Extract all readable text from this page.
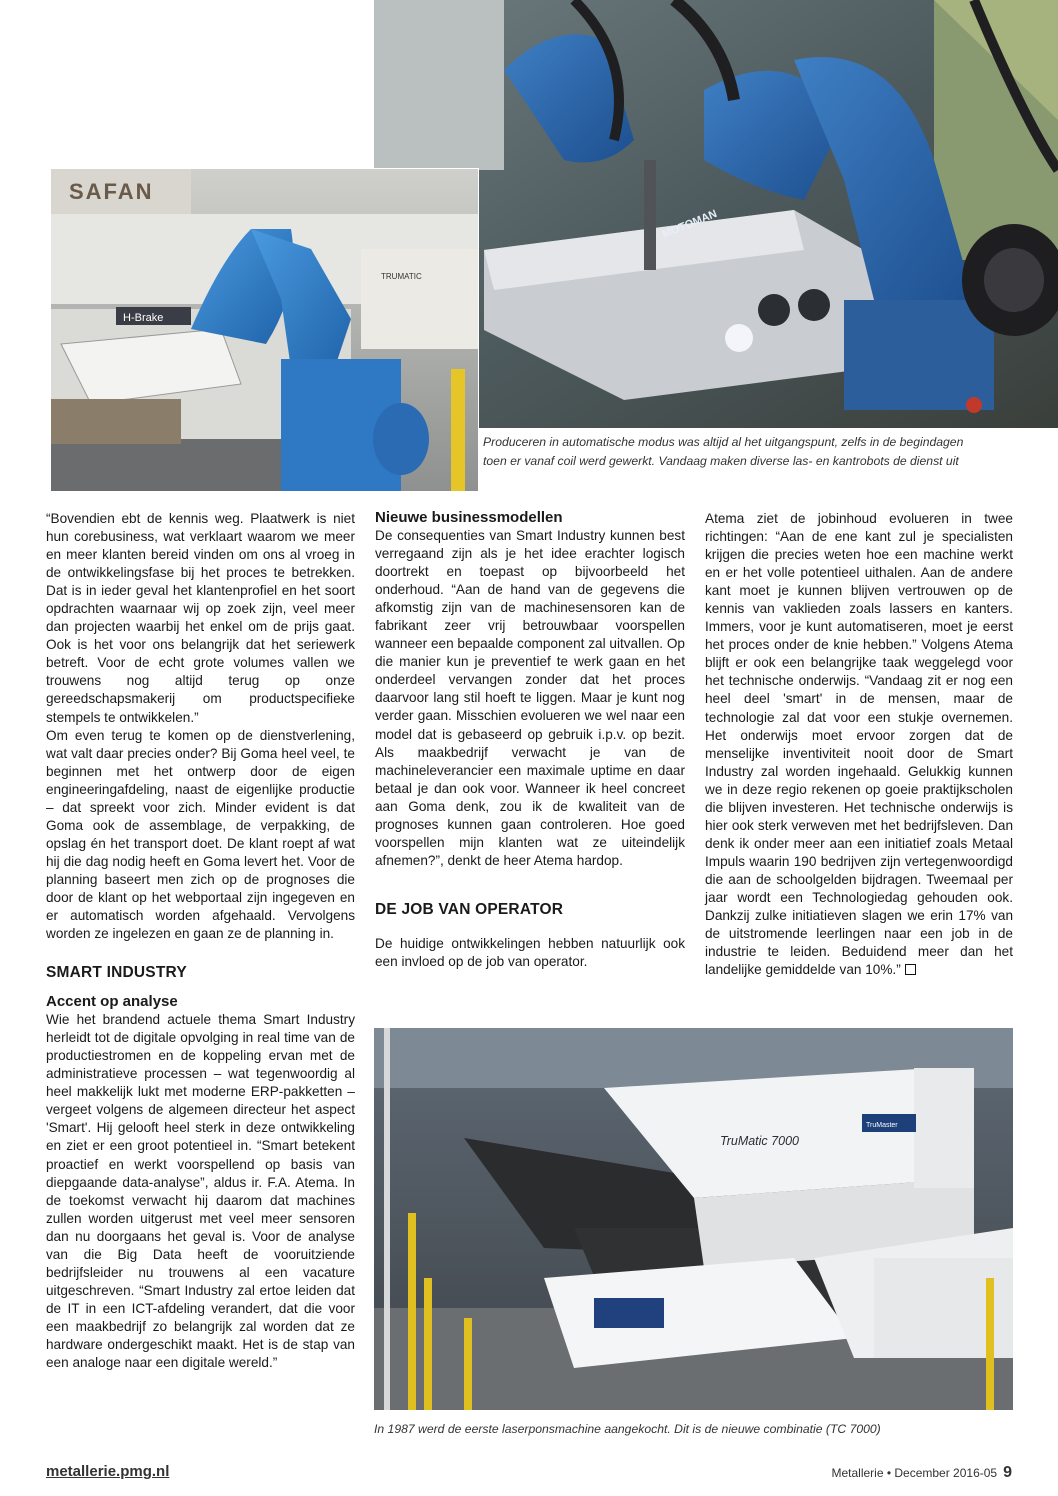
MOTOMAN
SAFAN
H-Brake
TRUMATIC
Produceren in automatische modus was altijd al het uitgangspunt, zelfs in de begindagen
toen er vanaf coil werd gewerkt. Vandaag maken diverse las- en kantrobots de dienst uit

“Bovendien ebt de kennis weg. Plaatwerk is niet hun corebusiness, wat verklaart waarom we meer en meer klanten bereid vinden om ons al vroeg in de ontwikkelingsfase bij het proces te betrekken. Dat is in ieder geval het klantenprofiel en het soort opdrachten waarnaar wij op zoek zijn, veel meer dan projecten waarbij het enkel om de prijs gaat. Ook is het voor ons belangrijk dat het seriewerk betreft. Voor de echt grote volumes vallen we trouwens nog altijd terug op onze gereedschapsmakerij om productspecifieke stempels te ontwikkelen.”

Om even terug te komen op de dienstverlening, wat valt daar precies onder? Bij Goma heel veel, te beginnen met het ontwerp door de eigen engineeringafdeling, naast de eigenlijke productie – dat spreekt voor zich. Minder evident is dat Goma ook de assemblage, de verpakking, de opslag én het transport doet. De klant roept af wat hij die dag nodig heeft en Goma levert het. Voor de planning baseert men zich op de prognoses die door de klant op het webportaal zijn ingegeven en er automatisch worden afgehaald. Vervolgens worden ze ingelezen en gaan ze de planning in.

SMART INDUSTRY

Accent op analyse

Wie het brandend actuele thema Smart Industry herleidt tot de digitale opvolging in real time van de productiestromen en de koppeling ervan met de administratieve processen – wat tegenwoordig al heel makkelijk lukt met moderne ERP-pakketten – vergeet volgens de algemeen directeur het aspect 'Smart'. Hij gelooft heel sterk in deze ontwikkeling en ziet er een groot potentieel in. “Smart betekent proactief en werkt voorspellend op basis van diepgaande data-analyse”, aldus ir. F.A. Atema. In de toekomst verwacht hij daarom dat machines zullen worden uitgerust met veel meer sensoren dan nu doorgaans het geval is. Voor de analyse van die Big Data heeft de vooruitziende bedrijfsleider nu trouwens al een vacature uitgeschreven. “Smart Industry zal ertoe leiden dat de IT in een ICT-afdeling verandert, dat die voor een maakbedrijf zo belangrijk zal worden dat ze hardware ondergeschikt maakt. Het is de stap van een analoge naar een digitale wereld.”

Nieuwe businessmodellen

De consequenties van Smart Industry kunnen best verregaand zijn als je het idee erachter logisch doortrekt en toepast op bijvoorbeeld het onderhoud. “Aan de hand van de gegevens die afkomstig zijn van de machinesensoren kan de fabrikant zeer vrij betrouwbaar voorspellen wanneer een bepaalde component zal uitvallen. Op die manier kun je preventief te werk gaan en het onderdeel vervangen zonder dat het proces daarvoor lang stil hoeft te liggen. Maar je kunt nog verder gaan. Misschien evolueren we wel naar een model dat is gebaseerd op gebruik i.p.v. op bezit. Als maakbedrijf verwacht je van de machineleverancier een maximale uptime en daar betaal je dan ook voor. Wanneer ik heel concreet aan Goma denk, zou ik de kwaliteit van de prognoses kunnen gaan controleren. Hoe goed voorspellen mijn klanten wat ze uiteindelijk afnemen?”, denkt de heer Atema hardop.

DE JOB VAN OPERATOR

De huidige ontwikkelingen hebben natuurlijk ook een invloed op de job van operator.

Atema ziet de jobinhoud evolueren in twee richtingen: “Aan de ene kant zul je specialisten krijgen die precies weten hoe een machine werkt en er het volle potentieel uithalen. Aan de andere kant moet je kunnen blijven vertrouwen op de kennis van vaklieden zoals lassers en kanters. Immers, voor je kunt automatiseren, moet je eerst het proces onder de knie hebben.” Volgens Atema blijft er ook een belangrijke taak weggelegd voor het technische onderwijs. “Vandaag zit er nog een heel deel 'smart' in de mensen, maar de technologie zal dat voor een stukje overnemen. Het onderwijs moet ervoor zorgen dat de menselijke inventiviteit nooit door de Smart Industry zal worden ingehaald. Gelukkig kunnen we in deze regio rekenen op goeie praktijkscholen die blijven investeren. Het technische onderwijs is hier ook sterk verweven met het bedrijfsleven. Dan denk ik onder meer aan een initiatief zoals Metaal Impuls waarin 190 bedrijven zijn vertegenwoordigd die aan de schoolgelden bijdragen. Tweemaal per jaar wordt een Technologiedag gehouden ook. Dankzij zulke initiatieven slagen we erin 17% van de uitstromende leerlingen naar een job in de industrie te leiden. Beduidend meer dan het landelijke gemiddelde van 10%.”

TruMatic 7000
TruMaster
In 1987 werd de eerste laserponsmachine aangekocht. Dit is de nieuwe combinatie (TC 7000)
metallerie.pmg.nl	Metallerie • December 2016-05 9
